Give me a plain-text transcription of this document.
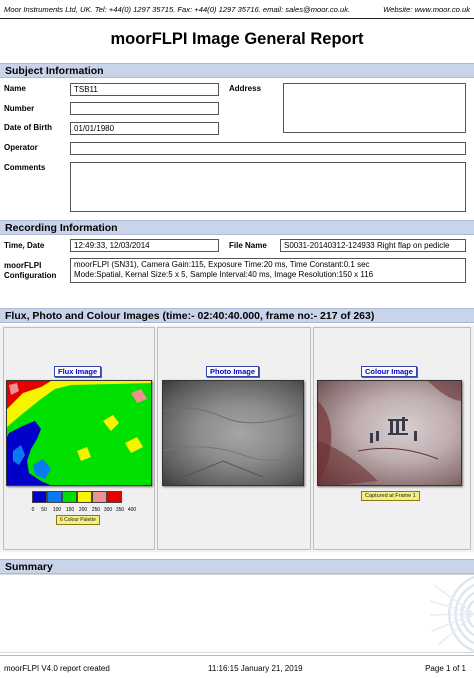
Moor Instruments Ltd, UK. Tel: +44(0) 1297 35715. Fax: +44(0) 1297 35716. email: sales@moor.co.uk.	Website: www.moor.co.uk
moorFLPI Image General Report
Subject Information
Name	TSB11
Number
Date of Birth	01/01/1980
Address
Operator
Comments
Recording Information
Time, Date	12:49:33, 12/03/2014	File Name	S0031-20140312-124933 Right flap on pedicle
moorFLPI
Configuration
moorFLPI (SN31), Camera Gain:115, Exposure Time:20 ms, Time Constant:0.1 sec
Mode:Spatial, Kernal Size:5 x 5, Sample Interval:40 ms, Image Resolution:150 x 116
Flux, Photo and Colour Images (time:- 02:40:40.000, frame no:- 217 of 263)
Flux Image
0	50	100 150 200 250 300 350 400
6 Colour Palette
Photo Image	Colour Image
Captured at Frame 1
Summary
moorFLPI V4.0 report created	11:16:15 January 21, 2019	Page 1 of 1
